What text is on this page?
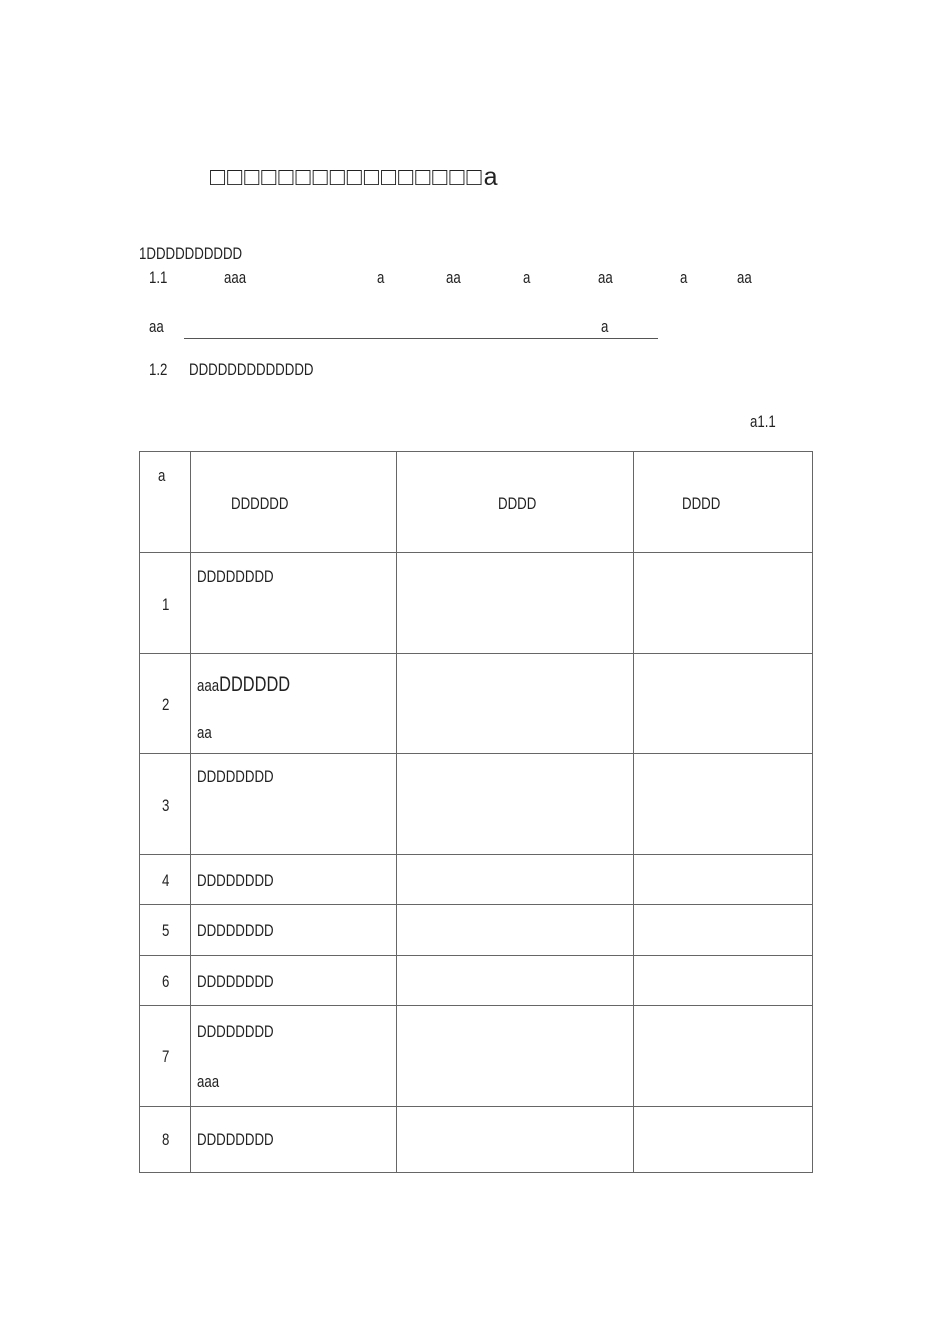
□□□□□□□□□□□□□□□□a
1DDDDDDDDDD
1.1	aaa	a	aa	a	aa	a	aa
aa	a
1.2 DDDDDDDDDDDDD
a1.1
a	DDDDDD	DDDD	DDDD

1	DDDDDDDD		

2	aaaDDDDDD
aa		

3	DDDDDDDD		

4	DDDDDDDD		

5	DDDDDDDD		

6	DDDDDDDD		

7	DDDDDDDD
aaa		

8	DDDDDDDD		
